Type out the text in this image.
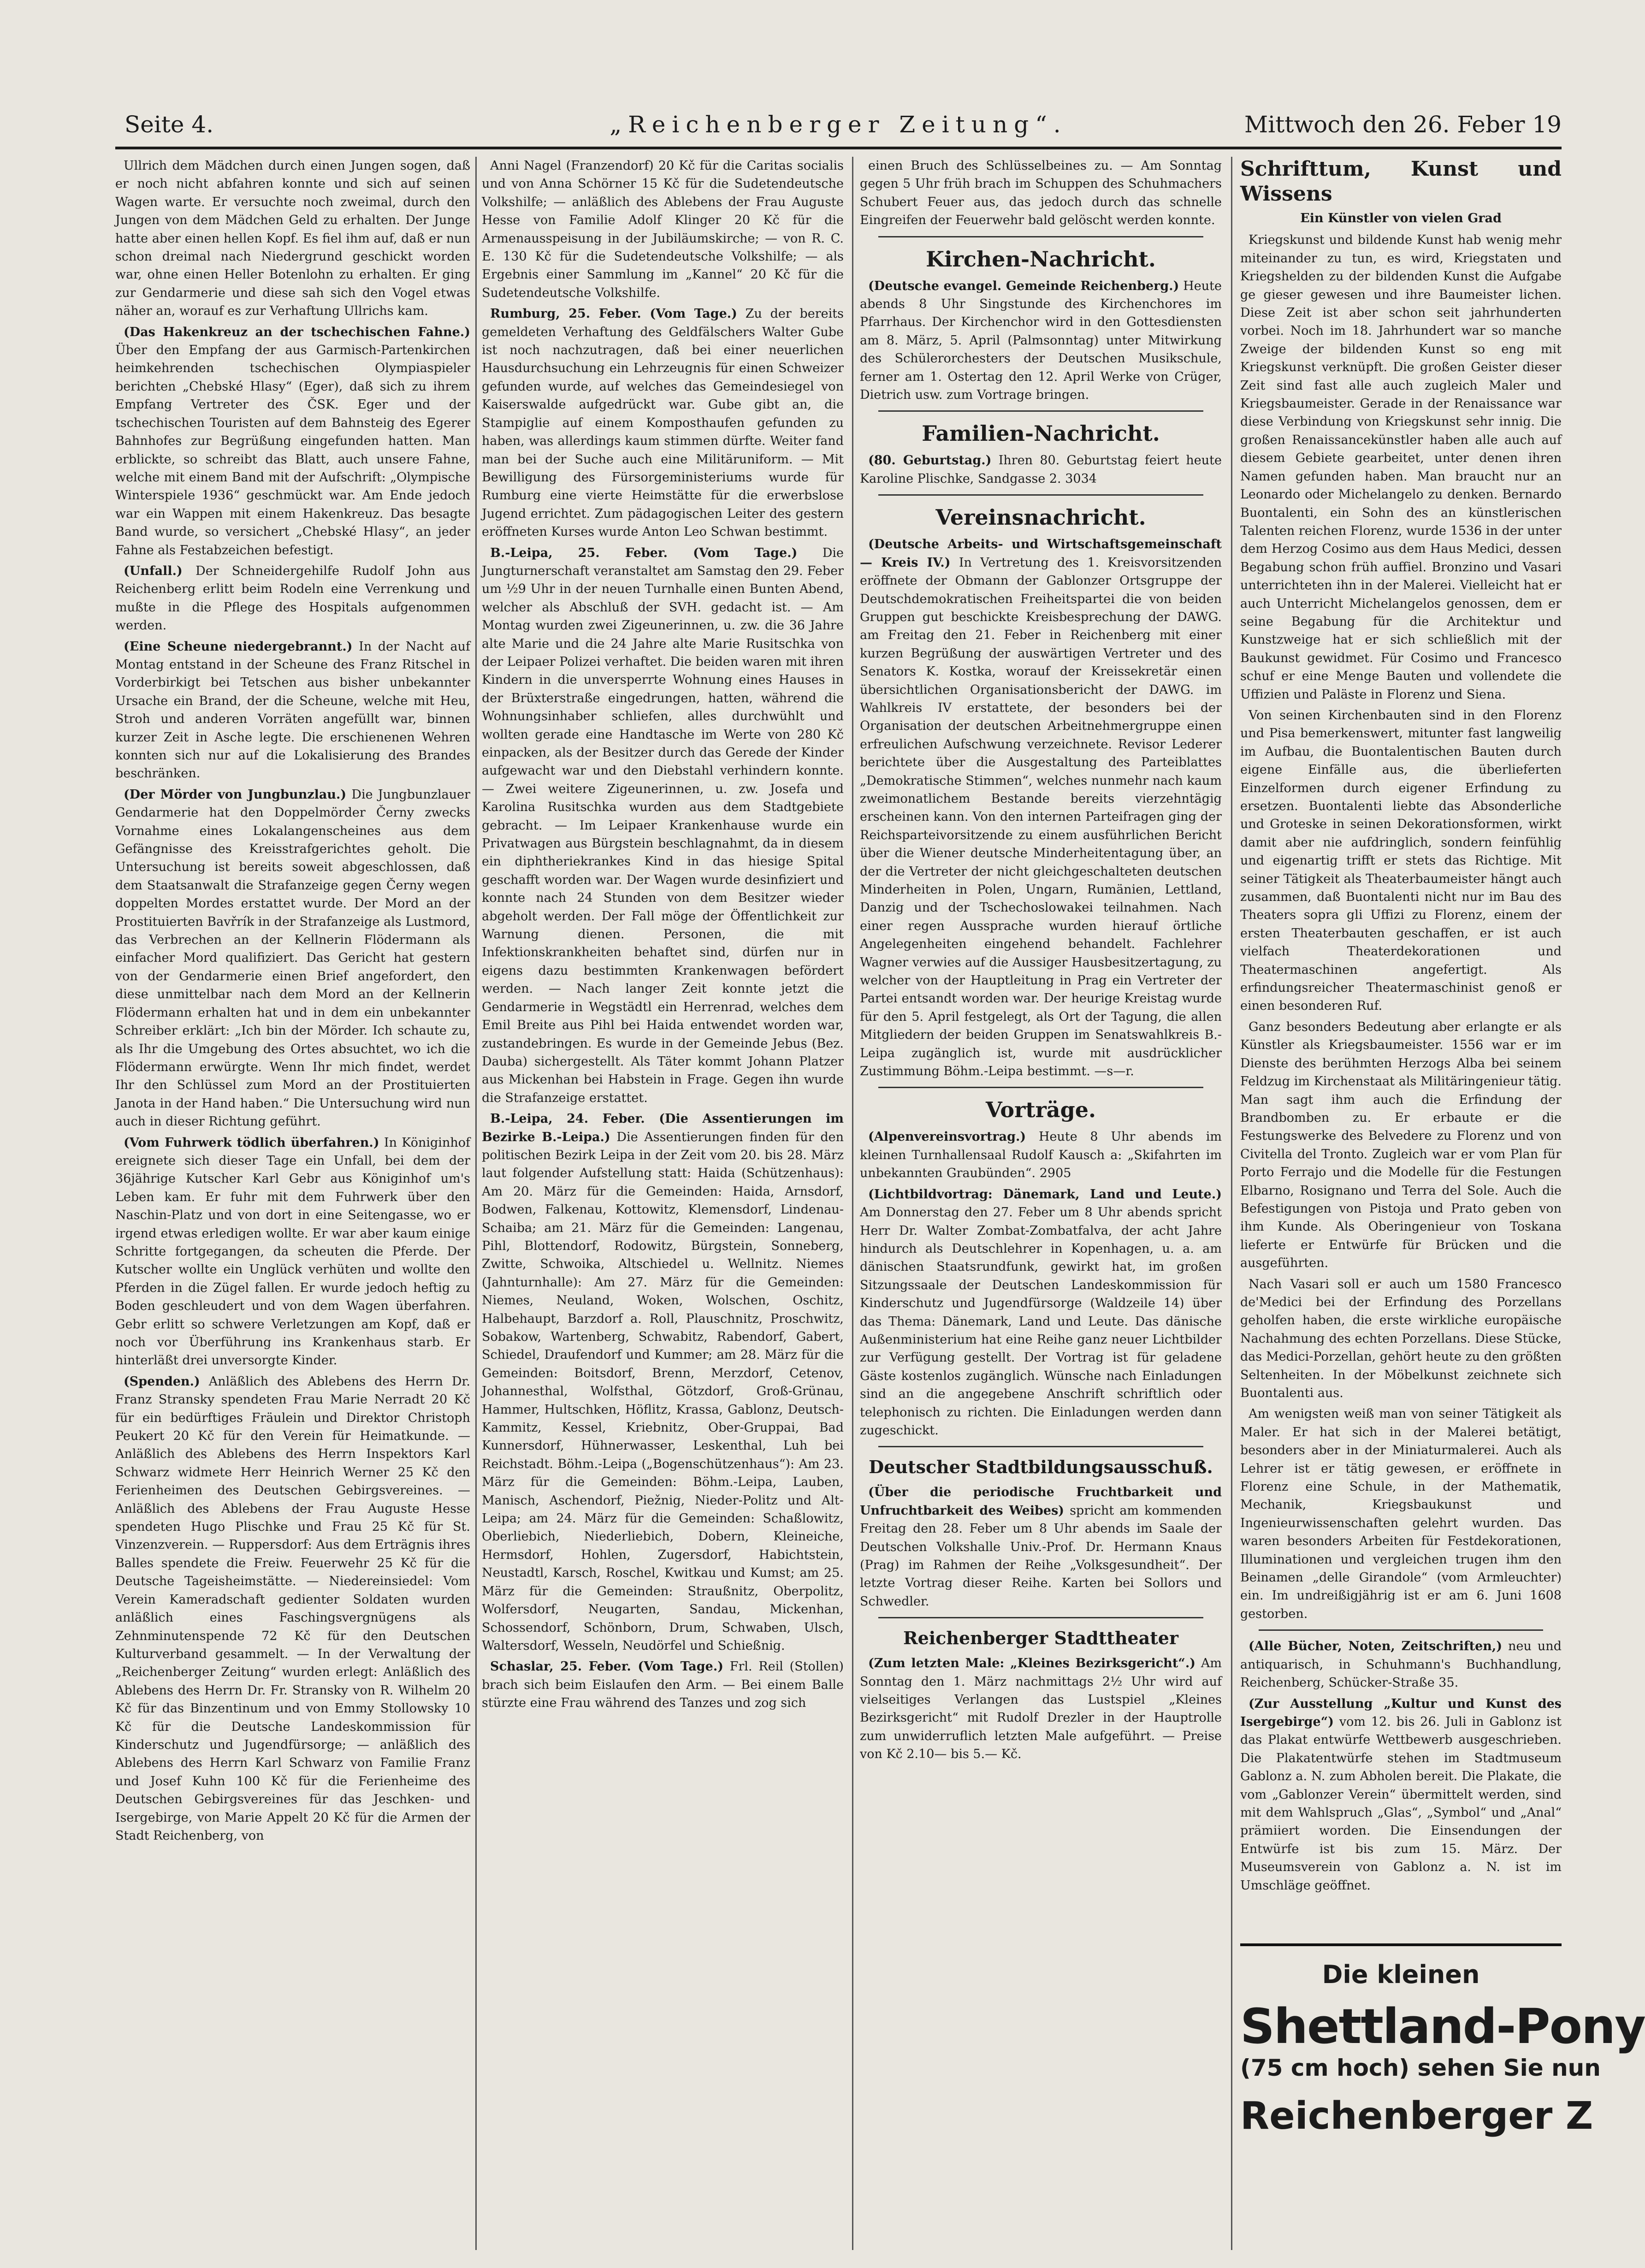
Seite 4.	„Reichenberger Zeitung“.	Mittwoch den 26. Feber 19

Ullrich dem Mädchen durch einen Jungen sogen, daß er noch nicht abfahren konnte und sich auf seinen Wagen warte. Er versuchte noch zweimal, durch den Jungen von dem Mädchen Geld zu erhalten. Der Junge hatte aber einen hellen Kopf. Es fiel ihm auf, daß er nun schon dreimal nach Niedergrund geschickt worden war, ohne einen Heller Botenlohn zu erhalten. Er ging zur Gendarmerie und diese sah sich den Vogel etwas näher an, worauf es zur Verhaftung Ullrichs kam.

(Das Hakenkreuz an der tschechischen Fahne.) Über den Empfang der aus Garmisch-Partenkirchen heimkehrenden tschechischen Olympiaspieler berichten „Chebské Hlasy“ (Eger), daß sich zu ihrem Empfang Vertreter des ČSK. Eger und der tschechischen Touristen auf dem Bahnsteig des Egerer Bahnhofes zur Begrüßung eingefunden hatten. Man erblickte, so schreibt das Blatt, auch unsere Fahne, welche mit einem Band mit der Aufschrift: „Olympische Winterspiele 1936“ geschmückt war. Am Ende jedoch war ein Wappen mit einem Hakenkreuz. Das besagte Band wurde, so versichert „Chebské Hlasy“, an jeder Fahne als Festabzeichen befestigt.

(Unfall.) Der Schneidergehilfe Rudolf John aus Reichenberg erlitt beim Rodeln eine Verrenkung und mußte in die Pflege des Hospitals aufgenommen werden.

(Eine Scheune niedergebrannt.) In der Nacht auf Montag entstand in der Scheune des Franz Ritschel in Vorderbirkigt bei Tetschen aus bisher unbekannter Ursache ein Brand, der die Scheune, welche mit Heu, Stroh und anderen Vorräten angefüllt war, binnen kurzer Zeit in Asche legte. Die erschienenen Wehren konnten sich nur auf die Lokalisierung des Brandes beschränken.

(Der Mörder von Jungbunzlau.) Die Jungbunzlauer Gendarmerie hat den Doppelmörder Černy zwecks Vornahme eines Lokalangenscheines aus dem Gefängnisse des Kreisstrafgerichtes geholt. Die Untersuchung ist bereits soweit abgeschlossen, daß dem Staatsanwalt die Strafanzeige gegen Černy wegen doppelten Mordes erstattet wurde. Der Mord an der Prostituierten Bavřrík in der Strafanzeige als Lustmord, das Verbrechen an der Kellnerin Flödermann als einfacher Mord qualifiziert. Das Gericht hat gestern von der Gendarmerie einen Brief angefordert, den diese unmittelbar nach dem Mord an der Kellnerin Flödermann erhalten hat und in dem ein unbekannter Schreiber erklärt: „Ich bin der Mörder. Ich schaute zu, als Ihr die Umgebung des Ortes absuchtet, wo ich die Flödermann erwürgte. Wenn Ihr mich findet, werdet Ihr den Schlüssel zum Mord an der Prostituierten Janota in der Hand haben.“ Die Untersuchung wird nun auch in dieser Richtung geführt.

(Vom Fuhrwerk tödlich überfahren.) In Königinhof ereignete sich dieser Tage ein Unfall, bei dem der 36jährige Kutscher Karl Gebr aus Königinhof um's Leben kam. Er fuhr mit dem Fuhrwerk über den Naschin-Platz und von dort in eine Seitengasse, wo er irgend etwas erledigen wollte. Er war aber kaum einige Schritte fortgegangen, da scheuten die Pferde. Der Kutscher wollte ein Unglück verhüten und wollte den Pferden in die Zügel fallen. Er wurde jedoch heftig zu Boden geschleudert und von dem Wagen überfahren. Gebr erlitt so schwere Verletzungen am Kopf, daß er noch vor Überführung ins Krankenhaus starb. Er hinterläßt drei unversorgte Kinder.

(Spenden.) Anläßlich des Ablebens des Herrn Dr. Franz Stransky spendeten Frau Marie Nerradt 20 Kč für ein bedürftiges Fräulein und Direktor Christoph Peukert 20 Kč für den Verein für Heimatkunde. — Anläßlich des Ablebens des Herrn Inspektors Karl Schwarz widmete Herr Heinrich Werner 25 Kč den Ferienheimen des Deutschen Gebirgsvereines. — Anläßlich des Ablebens der Frau Auguste Hesse spendeten Hugo Plischke und Frau 25 Kč für St. Vinzenzverein. — Ruppersdorf: Aus dem Erträgnis ihres Balles spendete die Freiw. Feuerwehr 25 Kč für die Deutsche Tageisheimstätte. — Niedereinsiedel: Vom Verein Kameradschaft gedienter Soldaten wurden anläßlich eines Faschingsvergnügens als Zehnminutenspende 72 Kč für den Deutschen Kulturverband gesammelt. — In der Verwaltung der „Reichenberger Zeitung“ wurden erlegt: Anläßlich des Ablebens des Herrn Dr. Fr. Stransky von R. Wilhelm 20 Kč für das Binzentinum und von Emmy Stollowsky 10 Kč für die Deutsche Landeskommission für Kinderschutz und Jugendfürsorge; — anläßlich des Ablebens des Herrn Karl Schwarz von Familie Franz und Josef Kuhn 100 Kč für die Ferienheime des Deutschen Gebirgsvereines für das Jeschken- und Isergebirge, von Marie Appelt 20 Kč für die Armen der Stadt Reichenberg, von

Anni Nagel (Franzendorf) 20 Kč für die Caritas socialis und von Anna Schörner 15 Kč für die Sudetendeutsche Volkshilfe; — anläßlich des Ablebens der Frau Auguste Hesse von Familie Adolf Klinger 20 Kč für die Armenausspeisung in der Jubiläumskirche; — von R. C. E. 130 Kč für die Sudetendeutsche Volkshilfe; — als Ergebnis einer Sammlung im „Kannel“ 20 Kč für die Sudetendeutsche Volkshilfe.

Rumburg, 25. Feber. (Vom Tage.) Zu der bereits gemeldeten Verhaftung des Geldfälschers Walter Gube ist noch nachzutragen, daß bei einer neuerlichen Hausdurchsuchung ein Lehrzeugnis für einen Schweizer gefunden wurde, auf welches das Gemeindesiegel von Kaiserswalde aufgedrückt war. Gube gibt an, die Stampiglie auf einem Komposthaufen gefunden zu haben, was allerdings kaum stimmen dürfte. Weiter fand man bei der Suche auch eine Militäruniform. — Mit Bewilligung des Fürsorgeministeriums wurde für Rumburg eine vierte Heimstätte für die erwerbslose Jugend errichtet. Zum pädagogischen Leiter des gestern eröffneten Kurses wurde Anton Leo Schwan bestimmt.

B.-Leipa, 25. Feber. (Vom Tage.) Die Jungturnerschaft veranstaltet am Samstag den 29. Feber um ½9 Uhr in der neuen Turnhalle einen Bunten Abend, welcher als Abschluß der SVH. gedacht ist. — Am Montag wurden zwei Zigeunerinnen, u. zw. die 36 Jahre alte Marie und die 24 Jahre alte Marie Rusitschka von der Leipaer Polizei verhaftet. Die beiden waren mit ihren Kindern in die unversperrte Wohnung eines Hauses in der Brüxterstraße eingedrungen, hatten, während die Wohnungsinhaber schliefen, alles durchwühlt und wollten gerade eine Handtasche im Werte von 280 Kč einpacken, als der Besitzer durch das Gerede der Kinder aufgewacht war und den Diebstahl verhindern konnte. — Zwei weitere Zigeunerinnen, u. zw. Josefa und Karolina Rusitschka wurden aus dem Stadtgebiete gebracht. — Im Leipaer Krankenhause wurde ein Privatwagen aus Bürgstein beschlagnahmt, da in diesem ein diphtheriekrankes Kind in das hiesige Spital geschafft worden war. Der Wagen wurde desinfiziert und konnte nach 24 Stunden von dem Besitzer wieder abgeholt werden. Der Fall möge der Öffentlichkeit zur Warnung dienen. Personen, die mit Infektionskrankheiten behaftet sind, dürfen nur in eigens dazu bestimmten Krankenwagen befördert werden. — Nach langer Zeit konnte jetzt die Gendarmerie in Wegstädtl ein Herrenrad, welches dem Emil Breite aus Pihl bei Haida entwendet worden war, zustandebringen. Es wurde in der Gemeinde Jebus (Bez. Dauba) sichergestellt. Als Täter kommt Johann Platzer aus Mickenhan bei Habstein in Frage. Gegen ihn wurde die Strafanzeige erstattet.

B.-Leipa, 24. Feber. (Die Assentierungen im Bezirke B.-Leipa.) Die Assentierungen finden für den politischen Bezirk Leipa in der Zeit vom 20. bis 28. März laut folgender Aufstellung statt: Haida (Schützenhaus): Am 20. März für die Gemeinden: Haida, Arnsdorf, Bodwen, Falkenau, Kottowitz, Klemensdorf, Lindenau-Schaiba; am 21. März für die Gemeinden: Langenau, Pihl, Blottendorf, Rodowitz, Bürgstein, Sonneberg, Zwitte, Schwoika, Altschiedel u. Wellnitz. Niemes (Jahnturnhalle): Am 27. März für die Gemeinden: Niemes, Neuland, Woken, Wolschen, Oschitz, Halbehaupt, Barzdorf a. Roll, Plauschnitz, Proschwitz, Sobakow, Wartenberg, Schwabitz, Rabendorf, Gabert, Schiedel, Draufendorf und Kummer; am 28. März für die Gemeinden: Boitsdorf, Brenn, Merzdorf, Cetenov, Johannesthal, Wolfsthal, Götzdorf, Groß-Grünau, Hammer, Hultschken, Höflitz, Krassa, Gablonz, Deutsch-Kammitz, Kessel, Kriebnitz, Ober-Gruppai, Bad Kunnersdorf, Hühnerwasser, Leskenthal, Luh bei Reichstadt. Böhm.-Leipa („Bogenschützenhaus“): Am 23. März für die Gemeinden: Böhm.-Leipa, Lauben, Manisch, Aschendorf, Piežnig, Nieder-Politz und Alt-Leipa; am 24. März für die Gemeinden: Schaßlowitz, Oberliebich, Niederliebich, Dobern, Kleineiche, Hermsdorf, Hohlen, Zugersdorf, Habichtstein, Neustadtl, Karsch, Roschel, Kwitkau und Kumst; am 25. März für die Gemeinden: Straußnitz, Oberpolitz, Wolfersdorf, Neugarten, Sandau, Mickenhan, Schossendorf, Schönborn, Drum, Schwaben, Ulsch, Waltersdorf, Wesseln, Neudörfel und Schießnig.

Schaslar, 25. Feber. (Vom Tage.) Frl. Reil (Stollen) brach sich beim Eislaufen den Arm. — Bei einem Balle stürzte eine Frau während des Tanzes und zog sich

einen Bruch des Schlüsselbeines zu. — Am Sonntag gegen 5 Uhr früh brach im Schuppen des Schuhmachers Schubert Feuer aus, das jedoch durch das schnelle Eingreifen der Feuerwehr bald gelöscht werden konnte.

Kirchen-Nachricht.

(Deutsche evangel. Gemeinde Reichenberg.) Heute abends 8 Uhr Singstunde des Kirchenchores im Pfarrhaus. Der Kirchenchor wird in den Gottesdiensten am 8. März, 5. April (Palmsonntag) unter Mitwirkung des Schülerorchesters der Deutschen Musikschule, ferner am 1. Ostertag den 12. April Werke von Crüger, Dietrich usw. zum Vortrage bringen.

Familien-Nachricht.

(80. Geburtstag.) Ihren 80. Geburtstag feiert heute Karoline Plischke, Sandgasse 2. 3034

Vereinsnachricht.

(Deutsche Arbeits- und Wirtschaftsgemeinschaft — Kreis IV.) In Vertretung des 1. Kreisvorsitzenden eröffnete der Obmann der Gablonzer Ortsgruppe der Deutschdemokratischen Freiheitspartei die von beiden Gruppen gut beschickte Kreisbesprechung der DAWG. am Freitag den 21. Feber in Reichenberg mit einer kurzen Begrüßung der auswärtigen Vertreter und des Senators K. Kostka, worauf der Kreissekretär einen übersichtlichen Organisationsbericht der DAWG. im Wahlkreis IV erstattete, der besonders bei der Organisation der deutschen Arbeitnehmergruppe einen erfreulichen Aufschwung verzeichnete. Revisor Lederer berichtete über die Ausgestaltung des Parteiblattes „Demokratische Stimmen“, welches nunmehr nach kaum zweimonatlichem Bestande bereits vierzehntägig erscheinen kann. Von den internen Parteifragen ging der Reichsparteivorsitzende zu einem ausführlichen Bericht über die Wiener deutsche Minderheitentagung über, an der die Vertreter der nicht gleichgeschalteten deutschen Minderheiten in Polen, Ungarn, Rumänien, Lettland, Danzig und der Tschechoslowakei teilnahmen. Nach einer regen Aussprache wurden hierauf örtliche Angelegenheiten eingehend behandelt. Fachlehrer Wagner verwies auf die Aussiger Hausbesitzertagung, zu welcher von der Hauptleitung in Prag ein Vertreter der Partei entsandt worden war. Der heurige Kreistag wurde für den 5. April festgelegt, als Ort der Tagung, die allen Mitgliedern der beiden Gruppen im Senatswahlkreis B.-Leipa zugänglich ist, wurde mit ausdrücklicher Zustimmung Böhm.-Leipa bestimmt. —s—r.

Vorträge.

(Alpenvereinsvortrag.) Heute 8 Uhr abends im kleinen Turnhallensaal Rudolf Kausch a: „Skifahrten im unbekannten Graubünden“. 2905

(Lichtbildvortrag: Dänemark, Land und Leute.) Am Donnerstag den 27. Feber um 8 Uhr abends spricht Herr Dr. Walter Zombat-Zombatfalva, der acht Jahre hindurch als Deutschlehrer in Kopenhagen, u. a. am dänischen Staatsrundfunk, gewirkt hat, im großen Sitzungssaale der Deutschen Landeskommission für Kinderschutz und Jugendfürsorge (Waldzeile 14) über das Thema: Dänemark, Land und Leute. Das dänische Außenministerium hat eine Reihe ganz neuer Lichtbilder zur Verfügung gestellt. Der Vortrag ist für geladene Gäste kostenlos zugänglich. Wünsche nach Einladungen sind an die angegebene Anschrift schriftlich oder telephonisch zu richten. Die Einladungen werden dann zugeschickt.

Deutscher Stadtbildungsausschuß.

(Über die periodische Fruchtbarkeit und Unfruchtbarkeit des Weibes) spricht am kommenden Freitag den 28. Feber um 8 Uhr abends im Saale der Deutschen Volkshalle Univ.-Prof. Dr. Hermann Knaus (Prag) im Rahmen der Reihe „Volksgesundheit“. Der letzte Vortrag dieser Reihe. Karten bei Sollors und Schwedler.

Reichenberger Stadttheater

(Zum letzten Male: „Kleines Bezirksgericht“.) Am Sonntag den 1. März nachmittags 2½ Uhr wird auf vielseitiges Verlangen das Lustspiel „Kleines Bezirksgericht“ mit Rudolf Drezler in der Hauptrolle zum unwiderruflich letzten Male aufgeführt. — Preise von Kč 2.10— bis 5.— Kč.

Schrifttum, Kunst und Wissens
Ein Künstler von vielen Grad

Kriegskunst und bildende Kunst hab wenig mehr miteinander zu tun, es wird, Kriegstaten und Kriegshelden zu der bildenden Kunst die Aufgabe ge gieser gewesen und ihre Baumeister lichen. Diese Zeit ist aber schon seit jahrhunderten vorbei. Noch im 18. Jahrhundert war so manche Zweige der bildenden Kunst so eng mit Kriegskunst verknüpft. Die großen Geister dieser Zeit sind fast alle auch zugleich Maler und Kriegsbaumeister. Gerade in der Renaissance war diese Verbindung von Kriegskunst sehr innig. Die großen Renaissancekünstler haben alle auch auf diesem Gebiete gearbeitet, unter denen ihren Namen gefunden haben. Man braucht nur an Leonardo oder Michelangelo zu denken. Bernardo Buontalenti, ein Sohn des an künstlerischen Talenten reichen Florenz, wurde 1536 in der unter dem Herzog Cosimo aus dem Haus Medici, dessen Begabung schon früh auffiel. Bronzino und Vasari unterrichteten ihn in der Malerei. Vielleicht hat er auch Unterricht Michelangelos genossen, dem er seine Begabung für die Architektur und Kunstzweige hat er sich schließlich mit der Baukunst gewidmet. Für Cosimo und Francesco schuf er eine Menge Bauten und vollendete die Uffizien und Paläste in Florenz und Siena.

Von seinen Kirchenbauten sind in den Florenz und Pisa bemerkenswert, mitunter fast langweilig im Aufbau, die Buontalentischen Bauten durch eigene Einfälle aus, die überlieferten Einzelformen durch eigener Erfindung zu ersetzen. Buontalenti liebte das Absonderliche und Groteske in seinen Dekorationsformen, wirkt damit aber nie aufdringlich, sondern feinfühlig und eigenartig trifft er stets das Richtige. Mit seiner Tätigkeit als Theaterbaumeister hängt auch zusammen, daß Buontalenti nicht nur im Bau des Theaters sopra gli Uffizi zu Florenz, einem der ersten Theaterbauten geschaffen, er ist auch vielfach Theaterdekorationen und Theatermaschinen angefertigt. Als erfindungsreicher Theatermaschinist genoß er einen besonderen Ruf.

Ganz besonders Bedeutung aber erlangte er als Künstler als Kriegsbaumeister. 1556 war er im Dienste des berühmten Herzogs Alba bei seinem Feldzug im Kirchenstaat als Militäringenieur tätig. Man sagt ihm auch die Erfindung der Brandbomben zu. Er erbaute er die Festungswerke des Belvedere zu Florenz und von Civitella del Tronto. Zugleich war er vom Plan für Porto Ferrajo und die Modelle für die Festungen Elbarno, Rosignano und Terra del Sole. Auch die Befestigungen von Pistoja und Prato geben von ihm Kunde. Als Oberingenieur von Toskana lieferte er Entwürfe für Brücken und die ausgeführten.

Nach Vasari soll er auch um 1580 Francesco de'Medici bei der Erfindung des Porzellans geholfen haben, die erste wirkliche europäische Nachahmung des echten Porzellans. Diese Stücke, das Medici-Porzellan, gehört heute zu den größten Seltenheiten. In der Möbelkunst zeichnete sich Buontalenti aus.

Am wenigsten weiß man von seiner Tätigkeit als Maler. Er hat sich in der Malerei betätigt, besonders aber in der Miniaturmalerei. Auch als Lehrer ist er tätig gewesen, er eröffnete in Florenz eine Schule, in der Mathematik, Mechanik, Kriegsbaukunst und Ingenieurwissenschaften gelehrt wurden. Das waren besonders Arbeiten für Festdekorationen, Illuminationen und vergleichen trugen ihm den Beinamen „delle Girandole“ (vom Armleuchter) ein. Im undreißigjährig ist er am 6. Juni 1608 gestorben.

(Alle Bücher, Noten, Zeitschriften,) neu und antiquarisch, in Schuhmann's Buchhandlung, Reichenberg, Schücker-Straße 35.

(Zur Ausstellung „Kultur und Kunst des Isergebirge“) vom 12. bis 26. Juli in Gablonz ist das Plakat entwürfe Wettbewerb ausgeschrieben. Die Plakatentwürfe stehen im Stadtmuseum Gablonz a. N. zum Abholen bereit. Die Plakate, die vom „Gablonzer Verein“ übermittelt werden, sind mit dem Wahlspruch „Glas“, „Symbol“ und „Anal“ prämiiert worden. Die Einsendungen der Entwürfe ist bis zum 15. März. Der Museumsverein von Gablonz a. N. ist im Umschläge geöffnet.

Die kleinen
Shettland-Pony
(75 cm hoch) sehen Sie nun
Reichenberger Z
